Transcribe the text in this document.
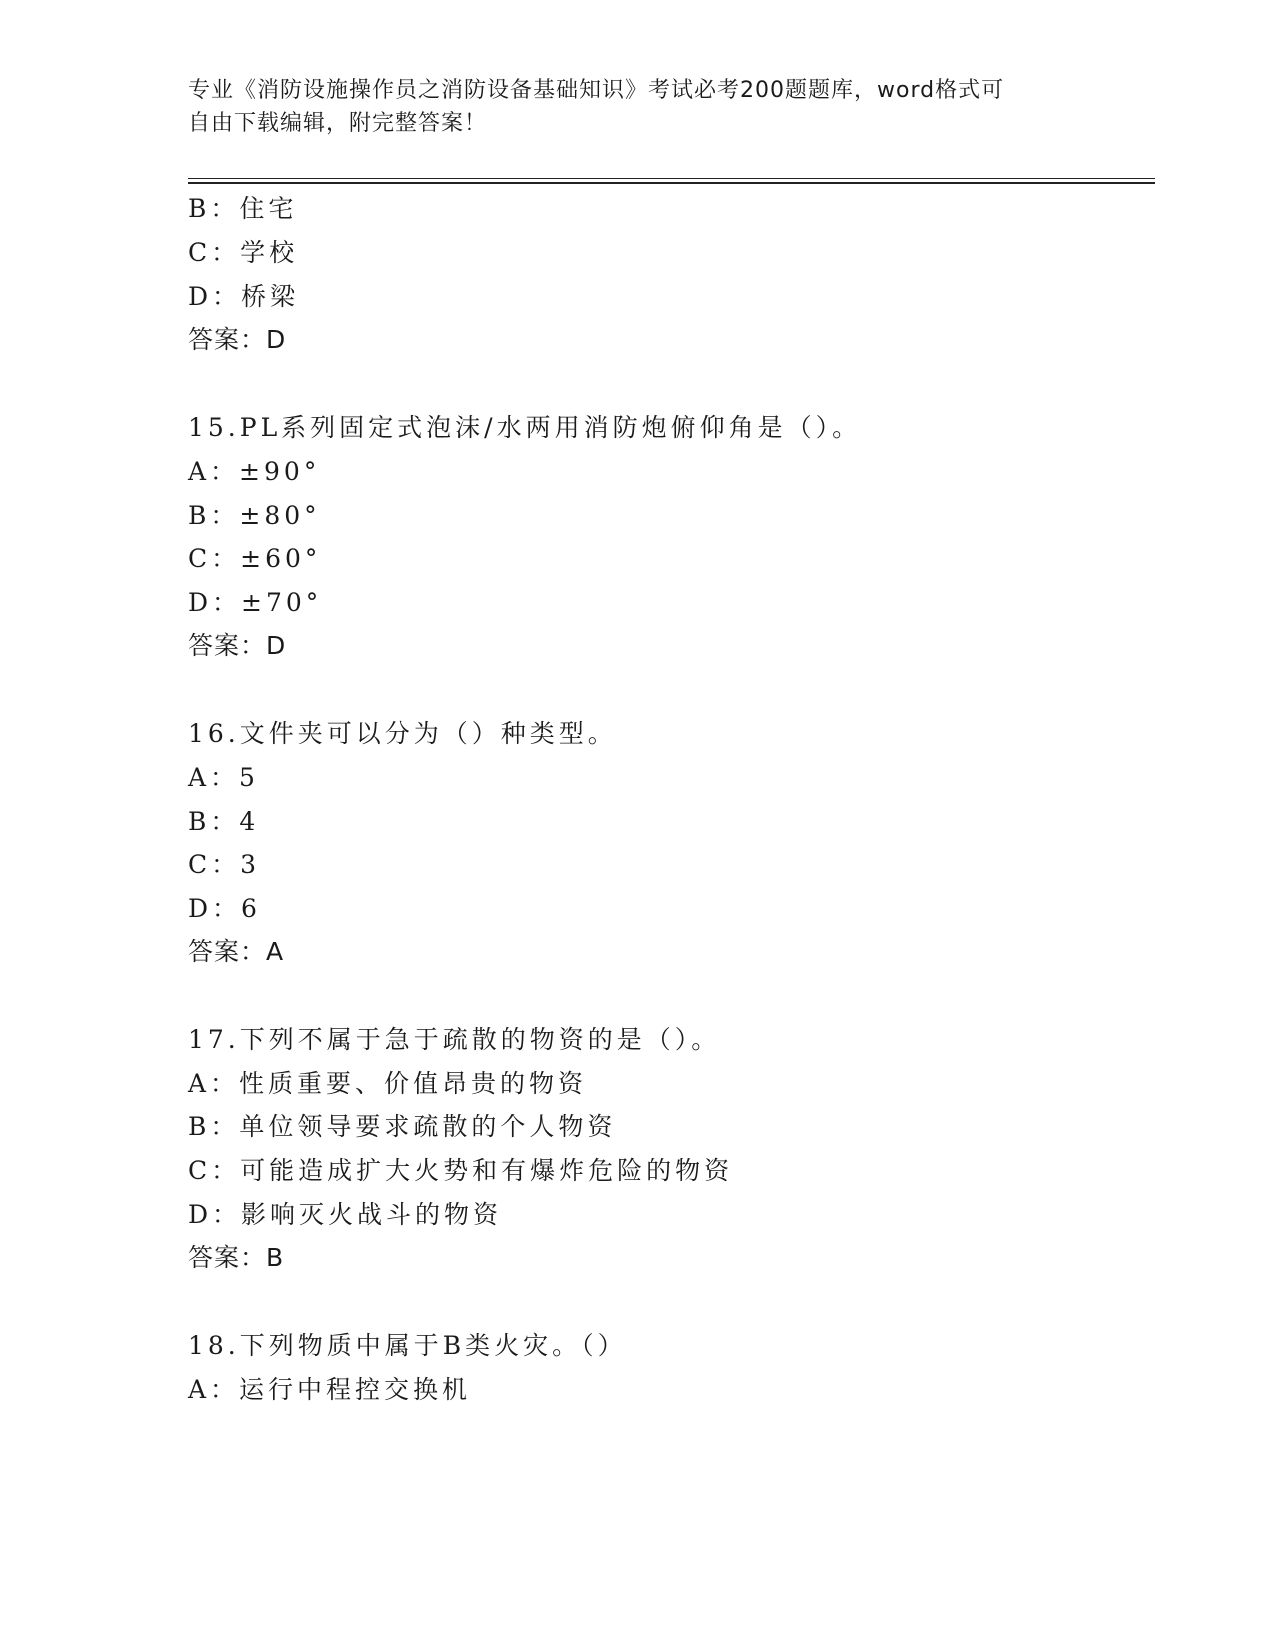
专业《消防设施操作员之消防设备基础知识》考试必考200题题库，word格式可
自由下载编辑，附完整答案！
B：住宅
C：学校
D：桥梁
答案：D
15.PL系列固定式泡沫/水两用消防炮俯仰角是（）。
A：±90°
B：±80°
C：±60°
D：±70°
答案：D
16.文件夹可以分为（）种类型。
A：5
B：4
C：3
D：6
答案：A
17.下列不属于急于疏散的物资的是（）。
A：性质重要、价值昂贵的物资
B：单位领导要求疏散的个人物资
C：可能造成扩大火势和有爆炸危险的物资
D：影响灭火战斗的物资
答案：B
18.下列物质中属于B类火灾。（）
A：运行中程控交换机
